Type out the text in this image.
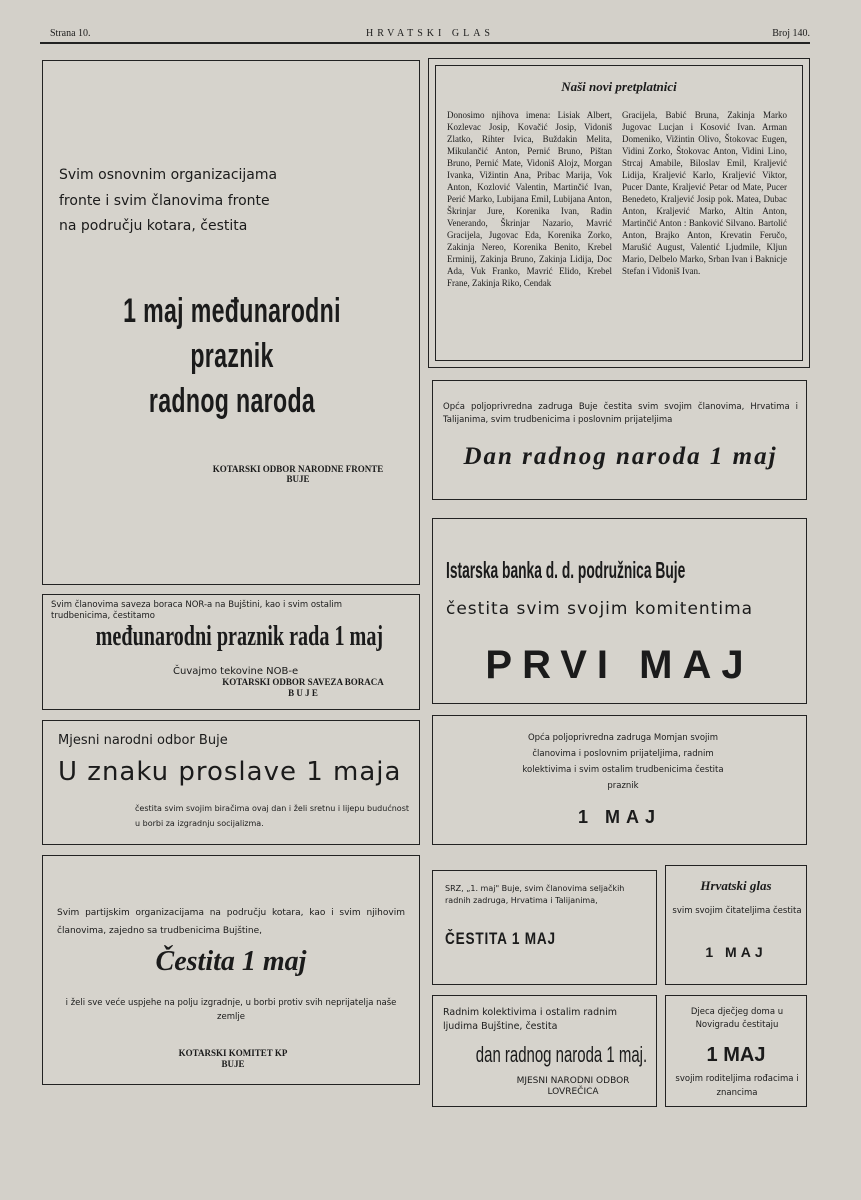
Strana 10.	HRVATSKI GLAS	Broj 140.
Svim osnovnim organizacijama fronte i svim članovima fronte na području kotara, čestita
1 maj međunarodni praznik
radnog naroda
KOTARSKI ODBOR NARODNE FRONTE
BUJE
Naši novi pretplatnici
Donosimo njihova imena: Lisiak Albert, Kozlevac Josip, Kovačić Josip, Vidoniš Zlatko, Rihter Ivica, Buždakin Melita, Mikulančić Anton, Pernić Bruno, Pištan Bruno, Pernić Mate, Vidoniš Alojz, Morgan Ivanka, Vižintin Ana, Pribac Marija, Vok Anton, Kozlović Valentin, Martinčić Ivan, Perić Marko, Lubijana Emil, Lubijana Anton, Škrinjar Jure, Korenika Ivan, Radin Venerando, Škrinjar Nazario, Mavrić Gracijela, Jugovac Eda, Korenika Zorko, Zakinja Nereo, Korenika Benito, Krebel Erminij, Zakinja Bruno, Zakinja Lidija, Doc Ada, Vuk Franko, Mavrić Elido, Krebel Frane, Zakinja Riko, Cendak
Gracijela, Babić Bruna, Zakinja Marko Jugovac Lucjan i Kosović Ivan. Arman Domeniko, Vižintin Olivo, Štokovac Eugen, Vidini Zorko, Štokovac Anton, Vidini Lino, Strcaj Amabile, Biloslav Emil, Kraljević Lidija, Kraljević Karlo, Kraljević Viktor, Pucer Dante, Kraljević Petar od Mate, Pucer Benedeto, Kraljević Josip pok. Matea, Dubac Anton, Kraljević Marko, Altin Anton, Martinčić Anton : Banković Silvano. Bartolić Anton, Brajko Anton, Krevatin Feručo, Marušić August, Valentić Ljudmile, Kljun Mario, Delbelo Marko, Srban Ivan i Baknicje Stefan i Vidoniš Ivan.
Opća poljoprivredna zadruga Buje čestita svim svojim članovima, Hrvatima i Talijanima, svim trudbenicima i poslovnim prijateljima
Dan radnog naroda 1 maj
Istarska banka d. d. podružnica Buje
čestita svim svojim komitentima
PRVI MAJ
Svim članovima saveza boraca NOR-a na Bujštini, kao i svim ostalim trudbenicima, čestitamo
međunarodni praznik rada 1 maj
Čuvajmo tekovine NOB-e
KOTARSKI ODBOR SAVEZA BORACA
B U J E
Mjesni narodni odbor Buje
U znaku proslave 1 maja
čestita svim svojim biračima ovaj dan i želi sretnu i lijepu budućnost u borbi za izgradnju socijalizma.
Opća poljoprivredna zadruga Momjan svojim članovima i poslovnim prijateljima, radnim kolektivima i svim ostalim trudbenicima čestita praznik
1 MAJ
Svim partijskim organizacijama na području kotara, kao i svim njihovim članovima, zajedno sa trudbenicima Bujštine,
Čestita 1 maj
i želi sve veće uspjehe na polju izgradnje, u borbi protiv svih neprijatelja naše zemlje
KOTARSKI KOMITET KP
BUJE
SRZ, „1. maj" Buje, svim članovima seljačkih radnih zadruga, Hrvatima i Talijanima,
ČESTITA 1 MAJ
Radnim kolektivima i ostalim radnim ljudima Bujštine, čestita
dan radnog naroda 1 maj.
MJESNI NARODNI ODBOR
LOVREČICA
Hrvatski glas
svim svojim čitateljima čestita
1 MAJ
Djeca dječjeg doma u Novigradu čestitaju
1 MAJ
svojim roditeljima rođacima i znancima
